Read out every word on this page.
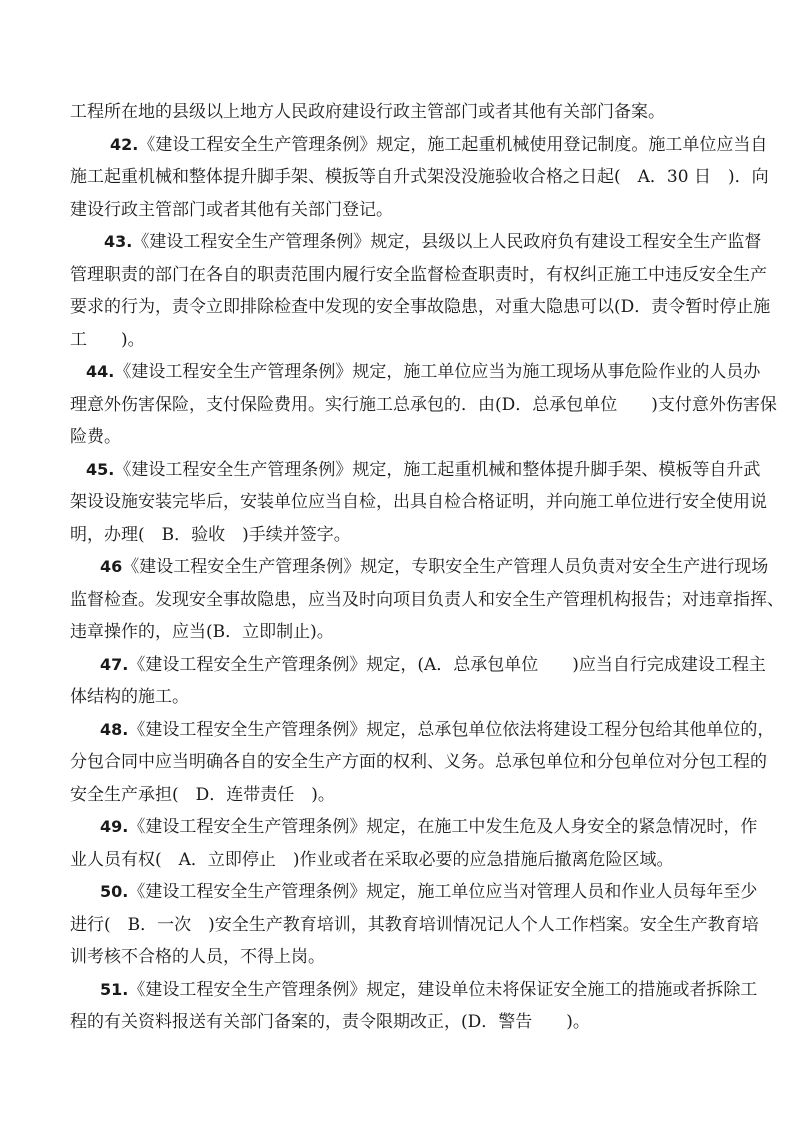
工程所在地的县级以上地方人民政府建设行政主管部门或者其他有关部门备案。
42.《建设工程安全生产管理条例》规定，施工起重机械使用登记制度。施工单位应当自
施工起重机械和整体提升脚手架、模扳等自升式架没没施验收合格之日起(　A．30 日　)．向
建设行政主管部门或者其他有关部门登记。
43.《建设工程安全生产管理条例》规定，县级以上人民政府负有建设工程安全生产监督
管理职责的部门在各自的职责范围内履行安全监督检查职责时，有权纠正施工中违反安全生产
要求的行为，责令立即排除检查中发现的安全事故隐患，对重大隐患可以(D．责令暂时停止施
工　　)。
44.《建设工程安全生产管理条例》规定，施工单位应当为施工现场从事危险作业的人员办
理意外伤害保险，支付保险费用。实行施工总承包的．由(D．总承包单位　　)支付意外伤害保
险费。
45.《建设工程安全生产管理条例》规定，施工起重机械和整体提升脚手架、模板等自升武
架设设施安装完毕后，安装单位应当自检，出具自检合格证明，并向施工单位进行安全使用说
明，办理(　B．验收　)手续并签字。
46《建设工程安全生产管理条例》规定，专职安全生产管理人员负责对安全生产进行现场
监督检查。发现安全事故隐患，应当及时向项目负责人和安全生产管理机构报告；对违章指挥、
违章操作的，应当(B．立即制止)。
47.《建设工程安全生产管理条例》规定，(A．总承包单位　　)应当自行完成建设工程主
体结构的施工。
48.《建设工程安全生产管理条例》规定，总承包单位依法将建设工程分包给其他单位的，
分包合同中应当明确各自的安全生产方面的权利、义务。总承包单位和分包单位对分包工程的
安全生产承担(　D．连带责任　)。
49.《建设工程安全生产管理条例》规定，在施工中发生危及人身安全的紧急情况时，作
业人员有权(　A．立即停止　)作业或者在采取必要的应急措施后撤离危险区域。
50.《建设工程安全生产管理条例》规定，施工单位应当对管理人员和作业人员每年至少
进行(　B．一次　)安全生产教育培训，其教育培训情况记人个人工作档案。安全生产教育培
训考核不合格的人员，不得上岗。
51.《建设工程安全生产管理条例》规定，建设单位未将保证安全施工的措施或者拆除工
程的有关资料报送有关部门备案的，责令限期改正，(D．警告　　)。
